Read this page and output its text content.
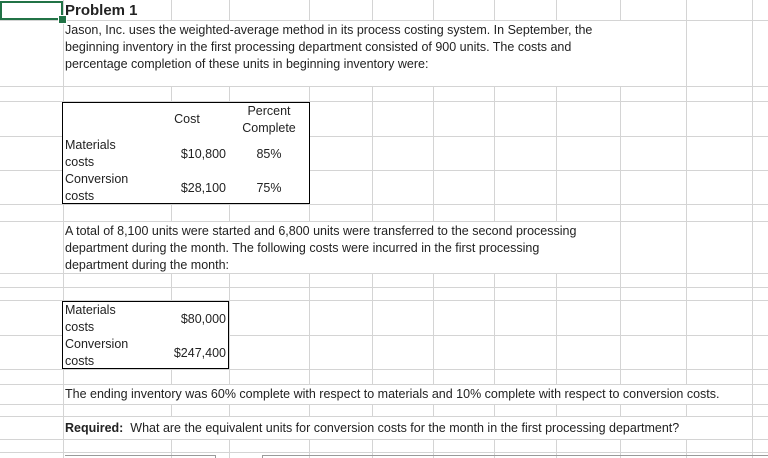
Problem 1
Jason, Inc. uses the weighted-average method in its process costing system. In September, the
beginning inventory in the first processing department consisted of 900 units. The costs and
percentage completion of these units in beginning inventory were:
Cost
Percent
Complete
Materials
costs
$10,800	85%
Conversion
costs
$28,100	75%
A total of 8,100 units were started and 6,800 units were transferred to the second processing
department during the month. The following costs were incurred in the first processing
department during the month:
Materials
costs
$80,000
Conversion
costs
$247,400
The ending inventory was 60% complete with respect to materials and 10% complete with respect to conversion costs.
Required: What are the equivalent units for conversion costs for the month in the first processing department?
